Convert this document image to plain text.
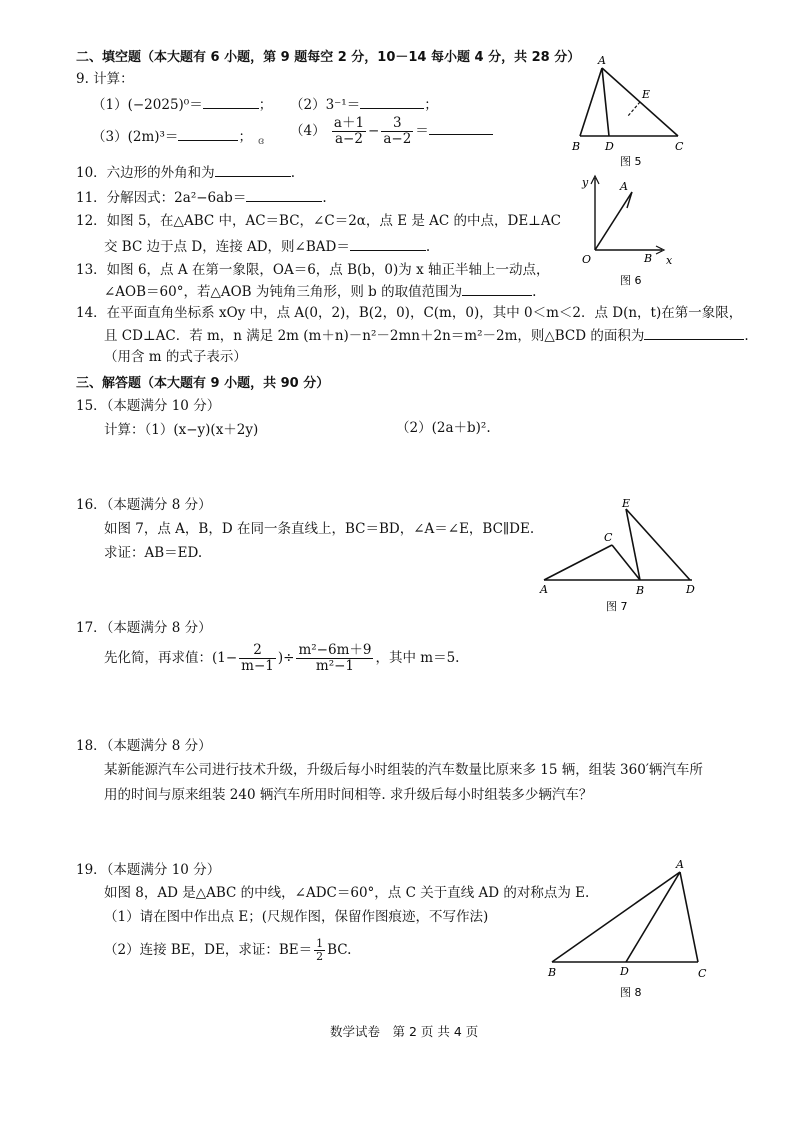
二、填空题（本大题有 6 小题，第 9 题每空 2 分，10－14 每小题 4 分，共 28 分）
9. 计算：
（1）(−2025)⁰＝	； （2）3⁻¹＝	；
（3）(2m)³＝	； ɞ
$(4) \frac{a+1}{a-2} - \frac{3}{a-2}$ ＝
10．六边形的外角和为	.
11．分解因式：2a²−6ab＝	.
12．如图 5，在△ABC 中，AC＝BC，∠C＝2α，点 E 是 AC 的中点，DE⊥AC
交 BC 边于点 D，连接 AD，则∠BAD＝	.
13．如图 6，点 A 在第一象限，OA＝6，点 B(b，0)为 x 轴正半轴上一动点，
∠AOB＝60°，若△AOB 为钝角三角形，则 b 的取值范围为	.
14．在平面直角坐标系 xOy 中，点 A(0，2)，B(2，0)，C(m，0)，其中 0＜m＜2．点 D(n，t)在第一象限，
且 CD⊥AC．若 m，n 满足 2m (m＋n)－n²－2mn＋2n＝m²－2m，则△BCD 的面积为	.
（用含 m 的式子表示）
三、解答题（本大题有 9 小题，共 90 分）
15．（本题满分 10 分）
计算：（1）(x−y)(x＋2y)	（2）(2a＋b)².
16．（本题满分 8 分）
如图 7，点 A，B，D 在同一条直线上，BC＝BD，∠A＝∠E，BC∥DE.
求证：AB＝ED.
17．（本题满分 8 分）
先化简，再求值：($1- \frac{2}{m-1}$ )÷ $\frac{\text{m²−6m＋9}}{\text{m²−1}}$ ，其中 m＝5.
18．（本题满分 8 分）
某新能源汽车公司进行技术升级，升级后每小时组装的汽车数量比原来多 15 辆，组装 360′辆汽车所
用的时间与原来组装 240 辆汽车所用时间相等. 求升级后每小时组装多少辆汽车？
19．（本题满分 10 分）
如图 8，AD 是△ABC 的中线，∠ADC＝60°，点 C 关于直线 AD 的对称点为 E.
（1）请在图中作出点 E；(尺规作图，保留作图痕迹，不写作法)
（2）连接 BE，DE，求证：$BE= \frac{1}{2}$ BC.
A
E
B D	C
图 5
y	A
O	B x
图 6
E
C
A	B	D
图 7
A
B	D	C
图 8
数学试卷　第 2 页 共 4 页
